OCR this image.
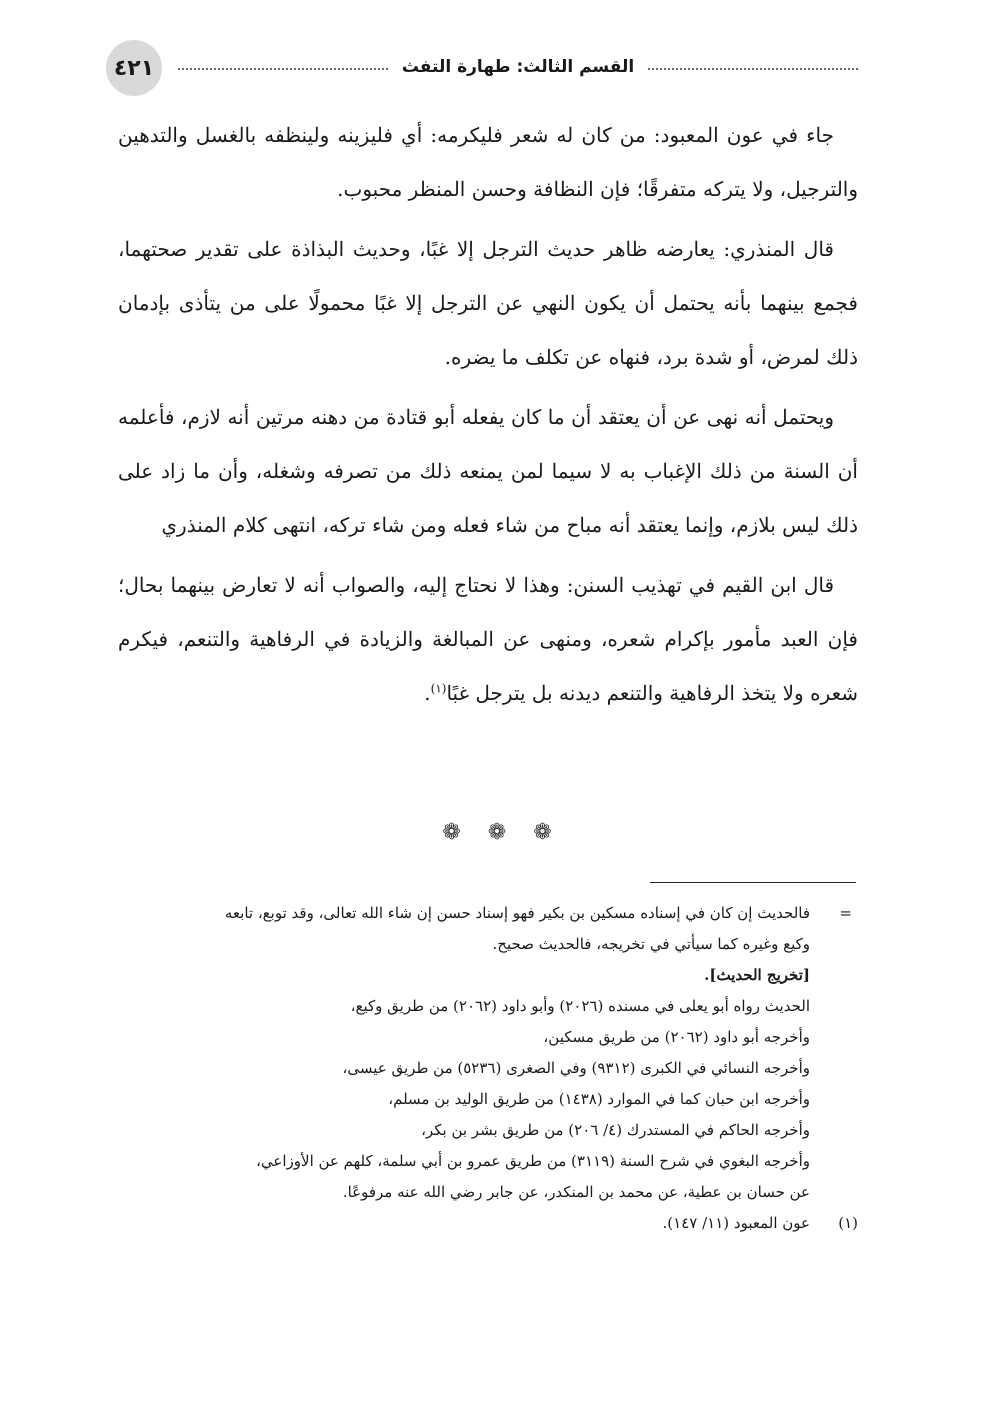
٤٢١	القسم الثالث: طهارة التفث

جاء في عون المعبود: من كان له شعر فليكرمه: أي فليزينه ولينظفه بالغسل والتدهين والترجيل، ولا يتركه متفرقًا؛ فإن النظافة وحسن المنظر محبوب.

قال المنذري: يعارضه ظاهر حديث الترجل إلا غبًا، وحديث البذاذة على تقدير صحتهما، فجمع بينهما بأنه يحتمل أن يكون النهي عن الترجل إلا غبًا محمولًا على من يتأذى بإدمان ذلك لمرض، أو شدة برد، فنهاه عن تكلف ما يضره.

ويحتمل أنه نهى عن أن يعتقد أن ما كان يفعله أبو قتادة من دهنه مرتين أنه لازم، فأعلمه أن السنة من ذلك الإغباب به لا سيما لمن يمنعه ذلك من تصرفه وشغله، وأن ما زاد على ذلك ليس بلازم، وإنما يعتقد أنه مباح من شاء فعله ومن شاء تركه، انتهى كلام المنذري

قال ابن القيم في تهذيب السنن: وهذا لا نحتاج إليه، والصواب أنه لا تعارض بينهما بحال؛ فإن العبد مأمور بإكرام شعره، ومنهى عن المبالغة والزيادة في الرفاهية والتنعم، فيكرم شعره ولا يتخذ الرفاهية والتنعم ديدنه بل يترجل غبًا$^{(١)}$.

❁ ❁ ❁
=
فالحديث إن كان في إسناده مسكين بن بكير فهو إسناد حسن إن شاء الله تعالى، وقد توبع، تابعه
وكيع وغيره كما سيأتي في تخريجه، فالحديث صحيح.
[تخريج الحديث].
الحديث رواه أبو يعلى في مسنده (٢٠٢٦) وأبو داود (٢٠٦٢) من طريق وكيع،
وأخرجه أبو داود (٢٠٦٢) من طريق مسكين،
وأخرجه النسائي في الكبرى (٩٣١٢) وفي الصغرى (٥٢٣٦) من طريق عيسى،
وأخرجه ابن حبان كما في الموارد (١٤٣٨) من طريق الوليد بن مسلم،
وأخرجه الحاكم في المستدرك (٤/ ٢٠٦) من طريق بشر بن بكر،
وأخرجه البغوي في شرح السنة (٣١١٩) من طريق عمرو بن أبي سلمة، كلهم عن الأوزاعي،
عن حسان بن عطية، عن محمد بن المنكدر، عن جابر رضي الله عنه مرفوعًا.
(١)
عون المعبود (١١/ ١٤٧).
